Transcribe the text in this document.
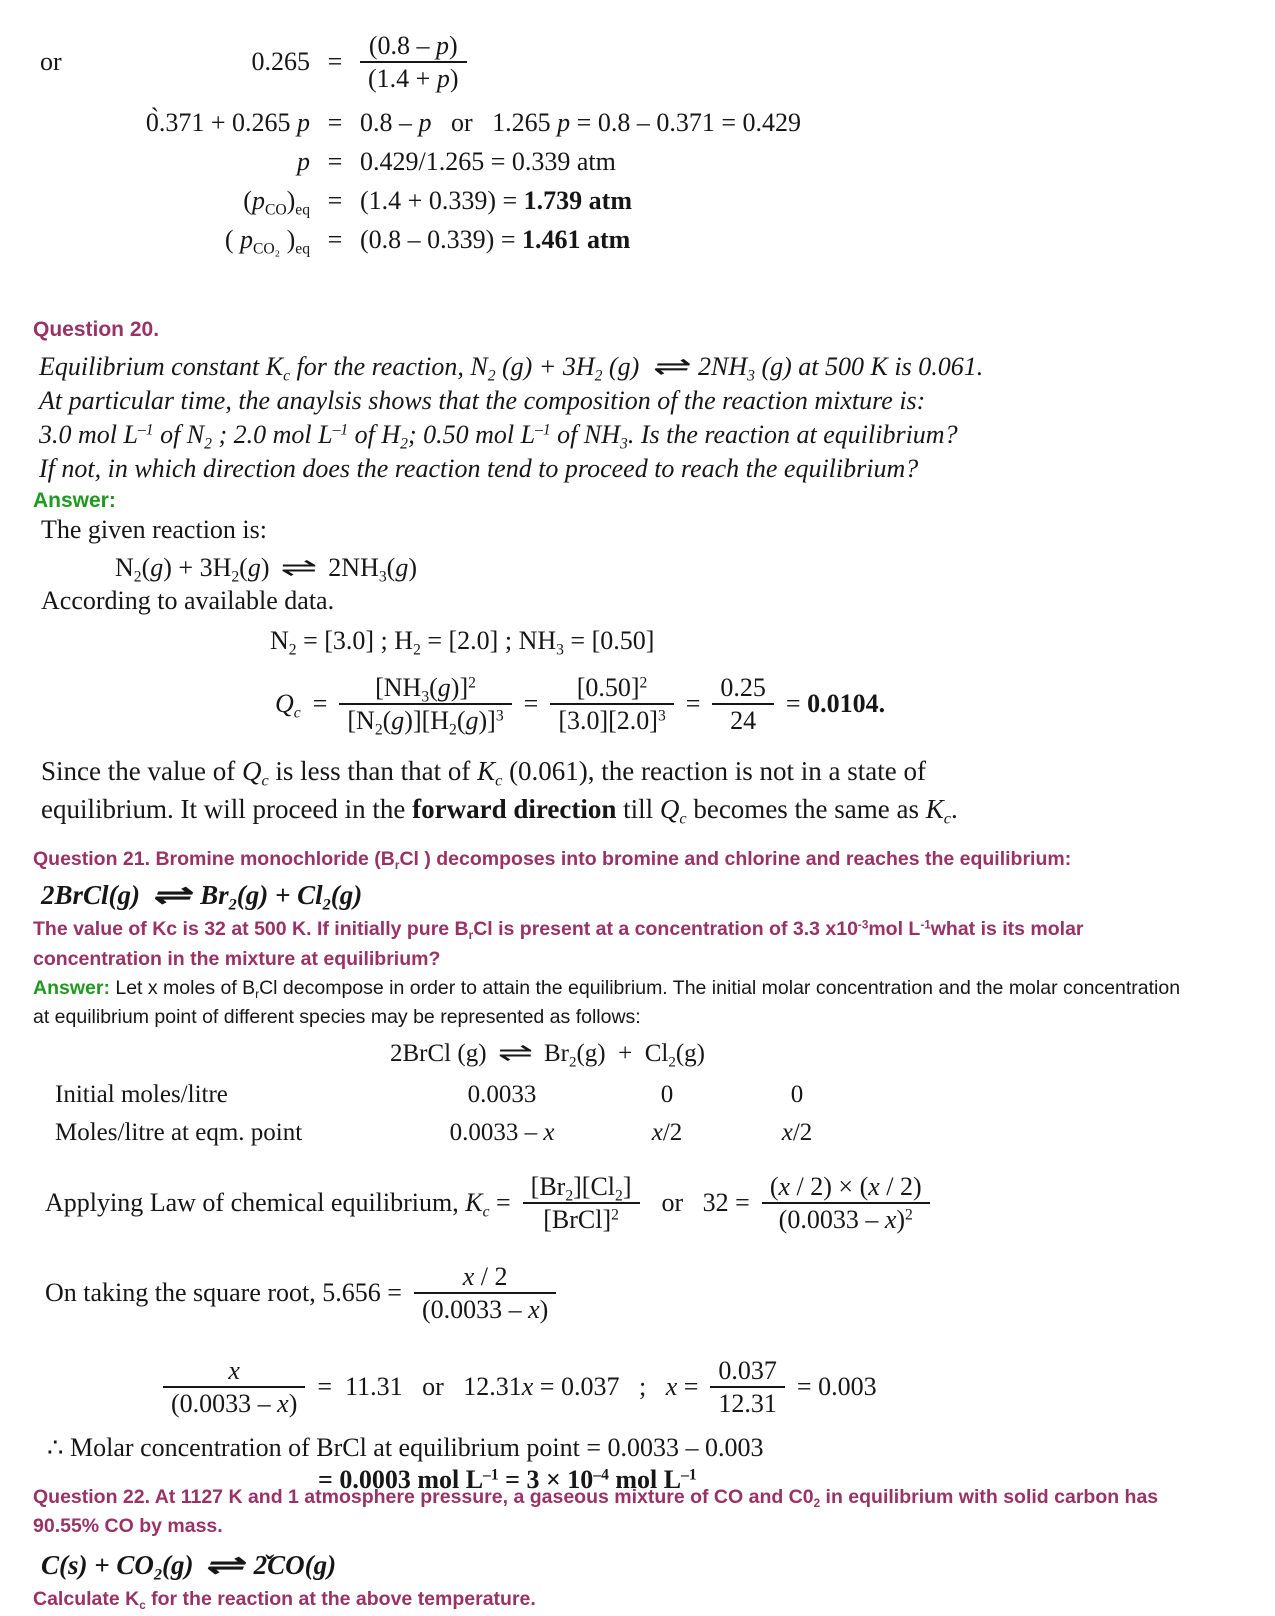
or	$0.265 = \frac{(0.8 - p)}{(1.4 + p)}$
0̀.371 + 0.265 p = 0.8 – p   or   1.265 p = 0.8 – 0.371 = 0.429
p = 0.429/1.265 = 0.339 atm
$(p_{CO})_{eq} = (1.4 + 0.339) = 1.739$ atm
( $p_{CO_2}$ )$_{eq} = (0.8 - 0.339) = 1.461$ atm
Question 20.
Equilibrium constant $K_c$ for the reaction, $N_2$ $(g) + 3H_2$ (g) ⇌ $2NH_3$ (g) at 500 K is 0.061.
At particular time, the anaylsis shows that the composition of the reaction mixture is:
3.0 mol $L^{-1}$ of $N_2$ ; 2.0 mol $L^{-1}$ of $H_2$; 0.50 mol $L^{-1}$ of $NH_3$. Is the reaction at equilibrium?
If not, in which direction does the reaction tend to proceed to reach the equilibrium?
Answer:
The given reaction is:
$N_2(g) + 3H_2(g)$ ⇌ $2NH_3(g)$
According to available data.
$N_2 = [3.0]$ ; $H_2 = [2.0]$ ; $NH_3 = [0.50]$
$Q_c = \frac{[NH_3(g)]^2}{[N_2(g)][H_2(g)]^3} = \frac{[0.50]^2}{[3.0][2.0]^3} = \frac{0.25}{24} = 0.0104$.
Since the value of $Q_c$ is less than that of $K_c$ (0.061), the reaction is not in a state of
equilibrium. It will proceed in the forward direction till $Q_c$ becomes the same as $K_c$.
Question 21. Bromine monochloride ($B_rCl$ ) decomposes into bromine and chlorine and reaches the equilibrium:
2BrCl(g) ⇌ $Br_2(g) + Cl_2(g)$
The value of Kc is 32 at 500 K. If initially pure $B_rCl$ is present at a concentration of 3.3 $x10^{-3}mol$ $L^{-1}what$ is its molar
concentration in the mixture at equilibrium?
Answer: Let x moles of $B_rCl$ decompose in order to attain the equilibrium. The initial molar concentration and the molar concentration
at equilibrium point of different species may be represented as follows:
2BrCl (g) ⇌ $Br_2(g) + Cl_2(g)$
Initial moles/litre	0.0033	0	0
Moles/litre at eqm. point	0.0033 – x	x/2	x/2
Applying Law of chemical equilibrium, $K_c = \frac{[Br_2][Cl_2]}{[BrCl]^2}$ or   $32 = \frac{(x / 2) \times (x / 2)}{(0.0033 - x)^2}$
On taking the square root, $5.656 = \frac{x / 2}{(0.0033 - x)}$
$\frac{x}{(0.0033 - x)} = 11.31$   or   12.31x = 0.037   ;   $x = \frac{0.037}{12.31} = 0.003$
∴ Molar concentration of BrCl at equilibrium point = 0.0033 – 0.003
= 0.0003 mol $L^{-1} = 3 \times 10^{-4}$ mol $L^{-1}$
Question 22. At 1127 K and 1 atmosphere pressure, a gaseous mixture of CO and $C0_2$ in equilibrium with solid carbon has
90.55% CO by mass.
$C(s) + CO_2(g)$ ⇌ 2̌CO(g)
Calculate $K_c$ for the reaction at the above temperature.
